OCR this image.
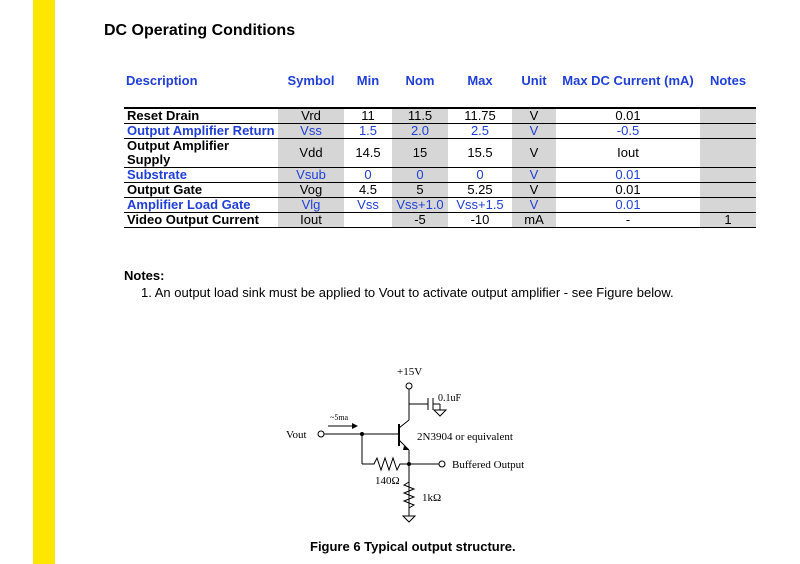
DC Operating Conditions
Description	Symbol	Min	Nom	Max	Unit	Max DC Current (mA)	Notes
Reset Drain	Vrd	11	11.5	11.75	V	0.01	
Output Amplifier Return	Vss	1.5	2.0	2.5	V	-0.5	
Output Amplifier Supply	Vdd	14.5	15	15.5	V	Iout	
Substrate	Vsub	0	0	0	V	0.01	
Output Gate	Vog	4.5	5	5.25	V	0.01	
Amplifier Load Gate	Vlg	Vss	Vss+1.0	Vss+1.5	V	0.01	
Video Output Current	Iout		-5	-10	mA	-	1
Notes:
1. An output load sink must be applied to Vout to activate output amplifier - see Figure below.
+15V
0.1uF
~5ma
Vout	2N3904 or equivalent
Buffered Output
140Ω
1kΩ
Figure 6 Typical output structure.
